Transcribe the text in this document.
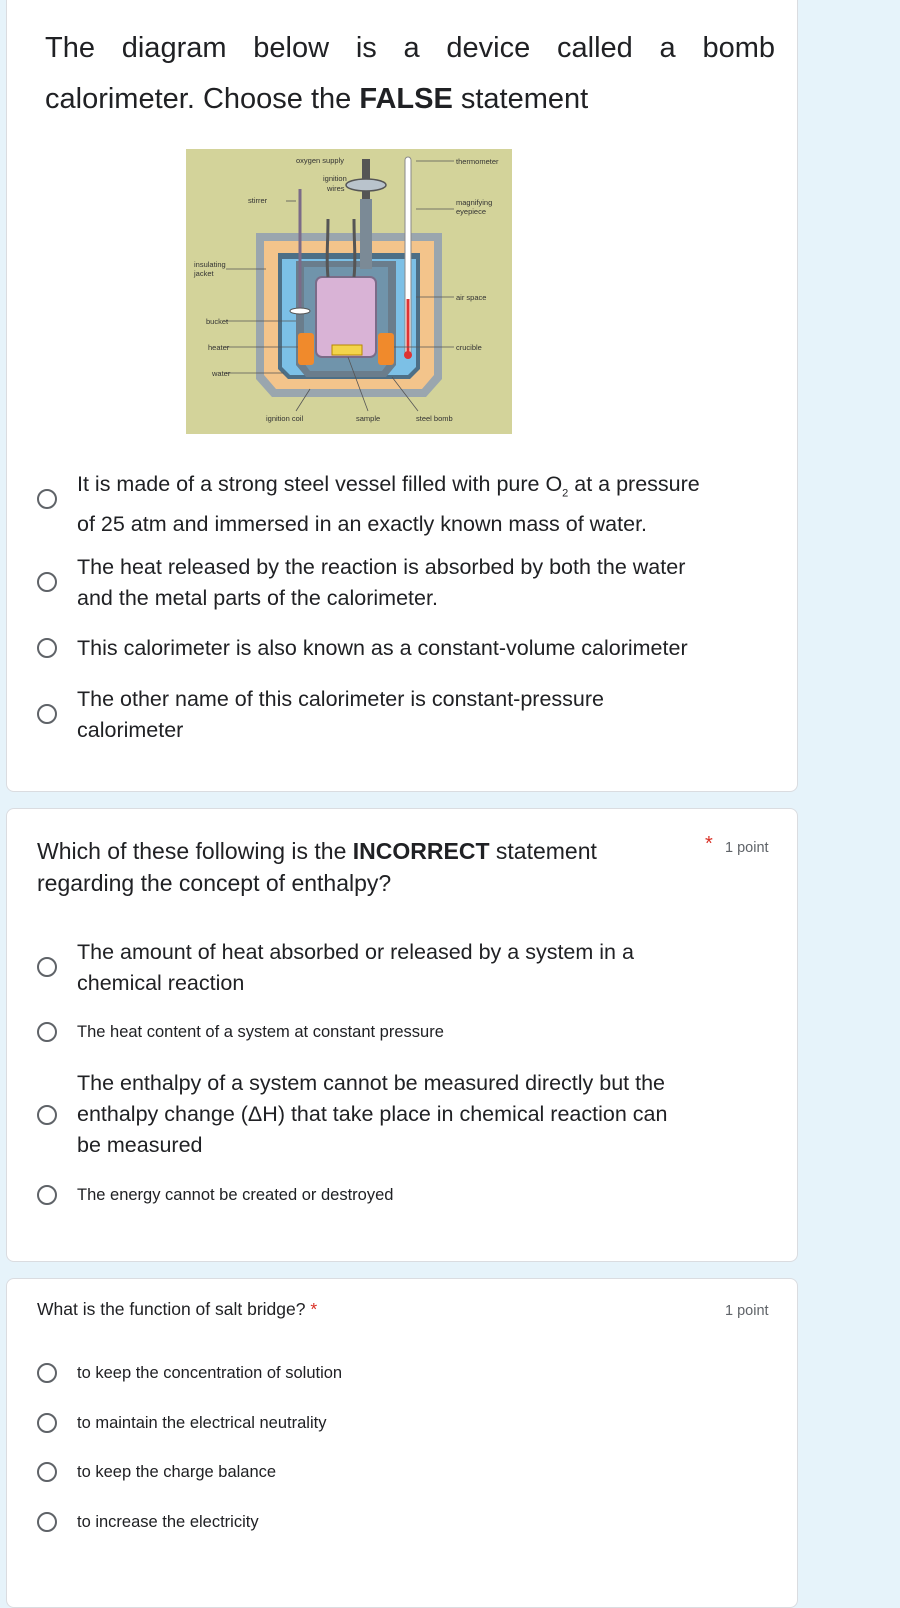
The diagram below is a device called a bomb
calorimeter. Choose the FALSE statement
oxygen supply	thermometer
ignition
wires
stirrer	magnifying
eyepiece
insulating
jacket
air space
bucket
heater	crucible
water
ignition coil	sample	steel bomb
It is made of a strong steel vessel filled with pure $O_2$ at a pressure
of 25 atm and immersed in an exactly known mass of water.
The heat released by the reaction is absorbed by both the water
and the metal parts of the calorimeter.
This calorimeter is also known as a constant-volume calorimeter
The other name of this calorimeter is constant-pressure
calorimeter
Which of these following is the INCORRECT statement
regarding the concept of enthalpy?
* 1 point
The amount of heat absorbed or released by a system in a
chemical reaction
The heat content of a system at constant pressure
The enthalpy of a system cannot be measured directly but the
enthalpy change (ΔH) that take place in chemical reaction can
be measured
The energy cannot be created or destroyed
What is the function of salt bridge? *	1 point
to keep the concentration of solution
to maintain the electrical neutrality
to keep the charge balance
to increase the electricity
